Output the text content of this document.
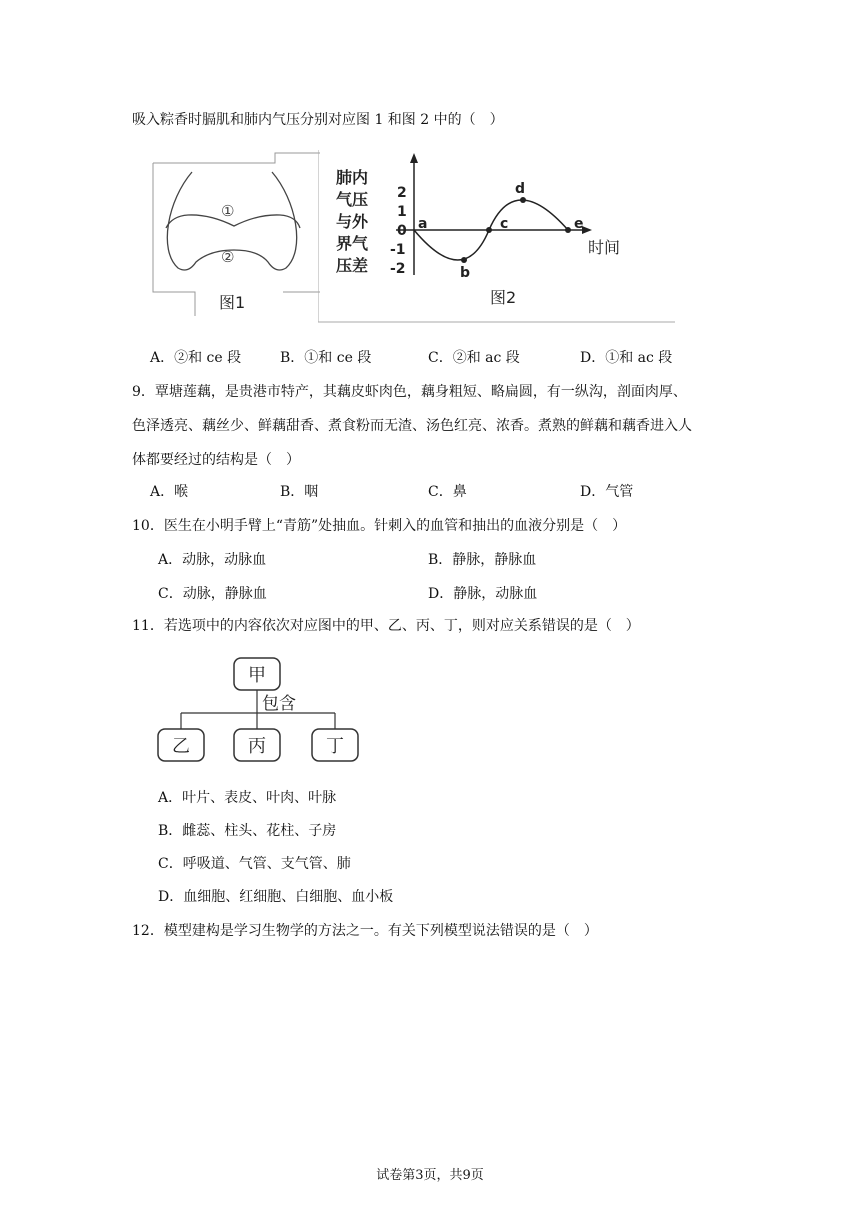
吸入粽香时膈肌和肺内气压分别对应图 1 和图 2 中的（　）
①
②
图1
肺内
气压
与外
界气
压差
2
1
0
-1
-2
a
b
c
d
e
时间
图2
A．②和 ce 段	B．①和 ce 段	C．②和 ac 段	D．①和 ac 段
9．覃塘莲藕，是贵港市特产，其藕皮虾肉色，藕身粗短、略扁圆，有一纵沟，剖面肉厚、
色泽透亮、藕丝少、鲜藕甜香、煮食粉而无渣、汤色红亮、浓香。煮熟的鲜藕和藕香进入人
体都要经过的结构是（　）
A．喉	B．咽	C．鼻	D．气管
10．医生在小明手臂上“青筋”处抽血。针刺入的血管和抽出的血液分别是（　）
A．动脉，动脉血	B．静脉，静脉血
C．动脉，静脉血	D．静脉，动脉血
11．若选项中的内容依次对应图中的甲、乙、丙、丁，则对应关系错误的是（　）
甲
包含
乙	丙	丁
A．叶片、表皮、叶肉、叶脉
B．雌蕊、柱头、花柱、子房
C．呼吸道、气管、支气管、肺
D．血细胞、红细胞、白细胞、血小板
12．模型建构是学习生物学的方法之一。有关下列模型说法错误的是（　）
试卷第3页，共9页
